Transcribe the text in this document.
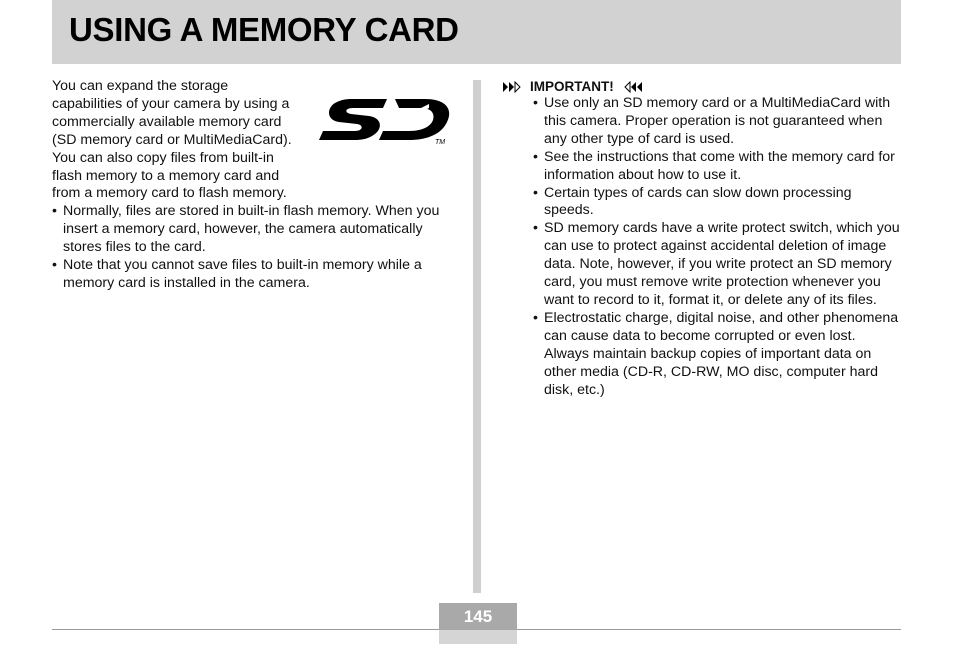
USING A MEMORY CARD

You can expand the storage capabilities of your camera by using a commercially available memory card (SD memory card or MultiMediaCard). You can also copy files from built-in flash memory to a memory card and from a memory card to flash memory.

TM
• Normally, files are stored in built-in flash memory. When you insert a memory card, however, the camera automatically stores files to the card.
• Note that you cannot save files to built-in memory while a memory card is installed in the camera.
IMPORTANT!
• Use only an SD memory card or a MultiMediaCard with this camera. Proper operation is not guaranteed when any other type of card is used.
• See the instructions that come with the memory card for information about how to use it.
• Certain types of cards can slow down processing speeds.
• SD memory cards have a write protect switch, which you can use to protect against accidental deletion of image data. Note, however, if you write protect an SD memory card, you must remove write protection whenever you want to record to it, format it, or delete any of its files.
• Electrostatic charge, digital noise, and other phenomena can cause data to become corrupted or even lost. Always maintain backup copies of important data on other media (CD-R, CD-RW, MO disc, computer hard disk, etc.)
145
